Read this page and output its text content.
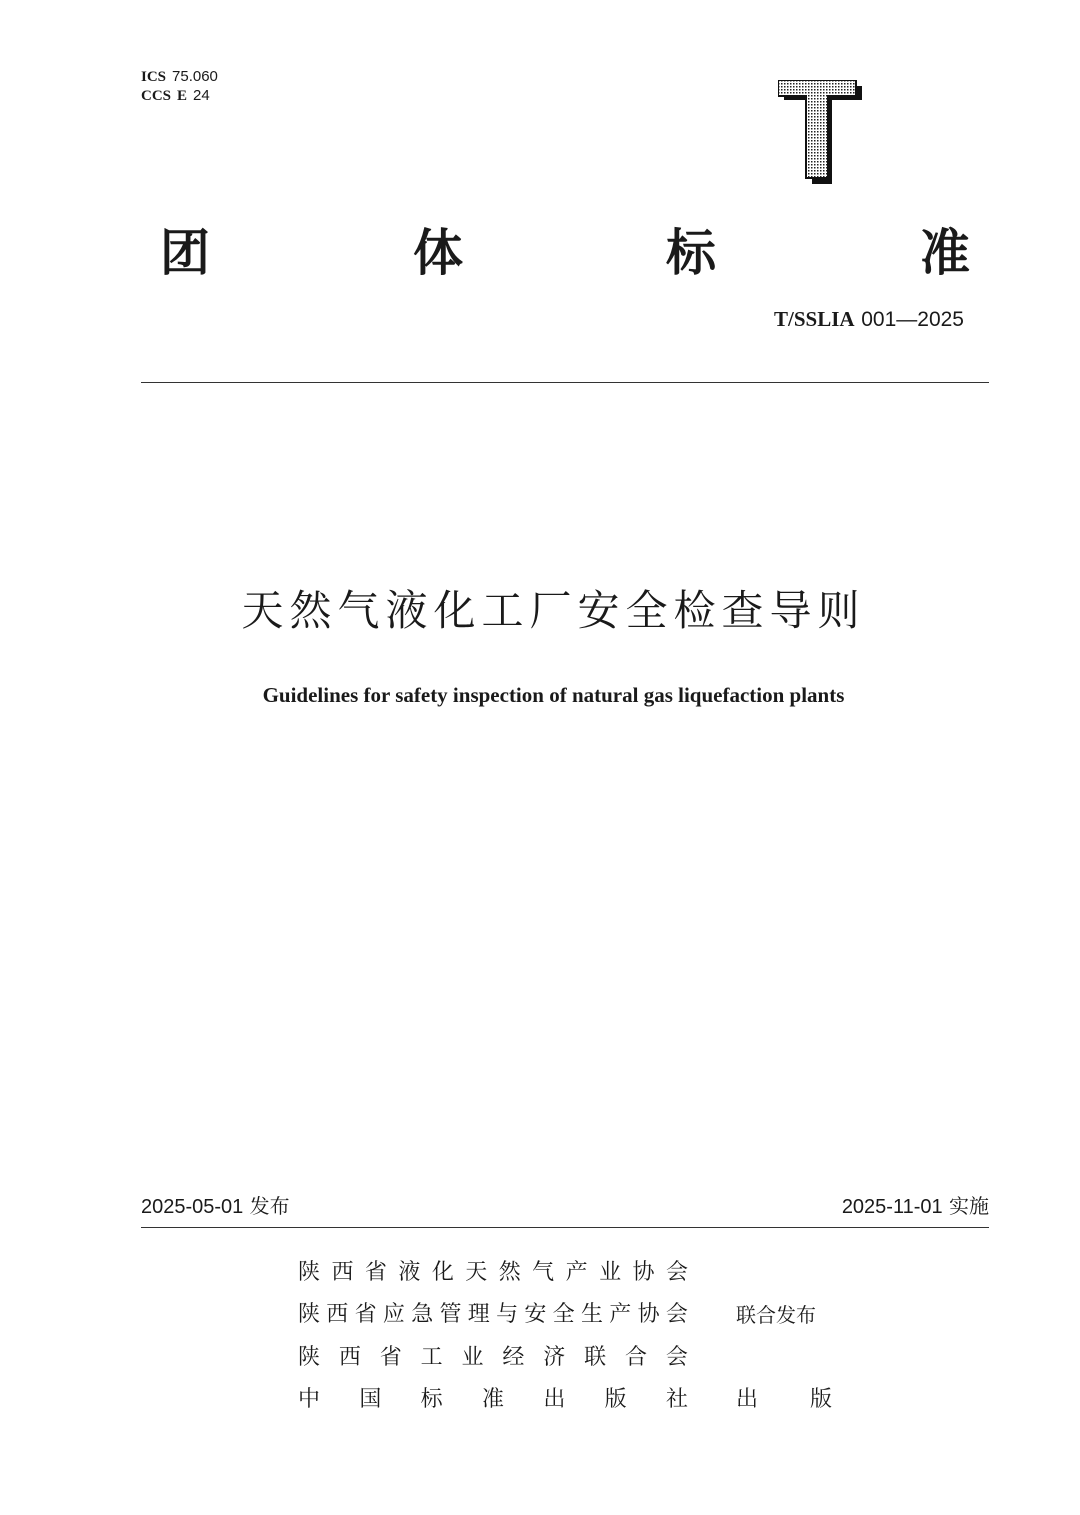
ICS 75.060
CCS E 24
团	体	标	准
T/SSLIA 001—2025
天然气液化工厂安全检查导则
Guidelines for safety inspection of natural gas liquefaction plants
2025-05-01 发布	2025-11-01 实施
陕 西 省 液 化 天 然 气 产 业 协 会
陕 西 省 应 急 管 理 与 安 全 生 产 协 会 联合发布
陕 西 省 工 业 经 济 联 合 会
中 国 标 准 出 版 社 出 版
